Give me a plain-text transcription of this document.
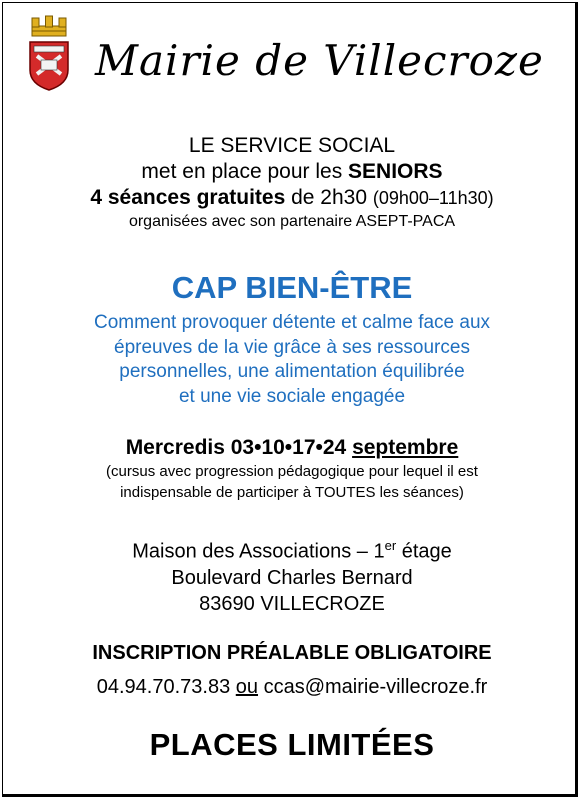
Mairie de Villecroze
LE SERVICE SOCIAL
met en place pour les SENIORS
4 séances gratuites de 2h30 (09h00–11h30)
organisées avec son partenaire ASEPT-PACA
CAP BIEN-ÊTRE
Comment provoquer détente et calme face aux
épreuves de la vie grâce à ses ressources
personnelles, une alimentation équilibrée
et une vie sociale engagée
Mercredis 03•10•17•24 septembre
(cursus avec progression pédagogique pour lequel il est
indispensable de participer à TOUTES les séances)
Maison des Associations – 1er étage
Boulevard Charles Bernard
83690 VILLECROZE
INSCRIPTION PRÉALABLE OBLIGATOIRE
04.94.70.73.83 ou ccas@mairie-villecroze.fr
PLACES LIMITÉES
